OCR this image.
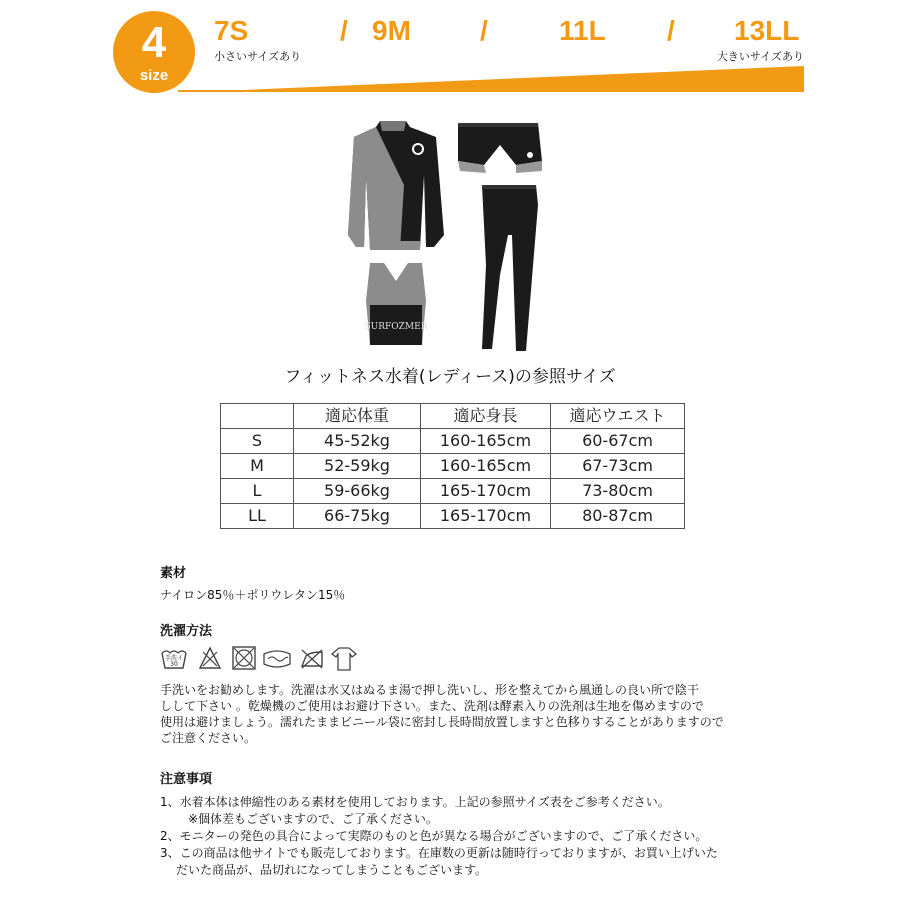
4
size
7S	/ 9M /	11L / 13LL
小さいサイズあり	大きいサイズあり
SURFOZMER
フィットネス水着(レディース)の参照サイズ
	適応体重	適応身長	適応ウエスト
S	45-52kg	160-165cm	60-67cm
M	52-59kg	160-165cm	67-73cm
L	59-66kg	165-170cm	73-80cm
LL	66-75kg	165-170cm	80-87cm
素材
ナイロン85％＋ポリウレタン15％
洗濯方法
手洗イ
30
手洗いをお勧めします。洗濯は水又はぬるま湯で押し洗いし、形を整えてから風通しの良い所で陰干
しして下さい 。乾燥機のご使用はお避け下さい。また、洗剤は酵素入りの洗剤は生地を傷めますので
使用は避けましょう。濡れたままビニール袋に密封し長時間放置しますと色移りすることがありますので
ご注意ください。
注意事項
1、水着本体は伸縮性のある素材を使用しております。上記の参照サイズ表をご参考ください。
※個体差もございますので、ご了承ください。
2、モニターの発色の具合によって実際のものと色が異なる場合がございますので、ご了承ください。
3、この商品は他サイトでも販売しております。在庫数の更新は随時行っておりますが、お買い上げいた
だいた商品が、品切れになってしまうこともございます。
